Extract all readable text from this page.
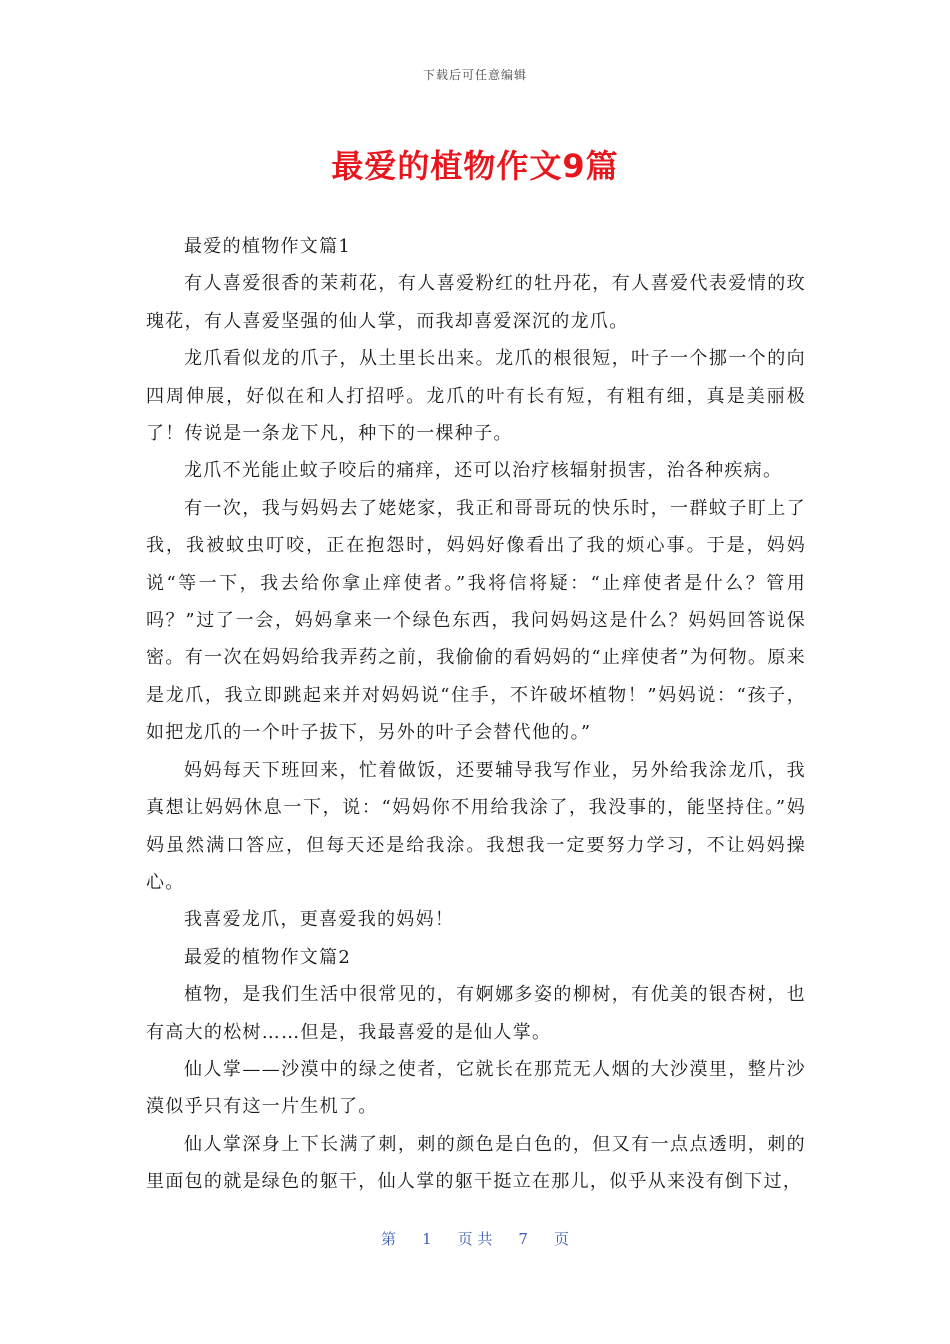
下载后可任意编辑
最爱的植物作文9篇

最爱的植物作文篇1

有人喜爱很香的茉莉花，有人喜爱粉红的牡丹花，有人喜爱代表爱情的玫瑰花，有人喜爱坚强的仙人掌，而我却喜爱深沉的龙爪。

龙爪看似龙的爪子，从土里长出来。龙爪的根很短，叶子一个挪一个的向四周伸展，好似在和人打招呼。龙爪的叶有长有短，有粗有细，真是美丽极了！传说是一条龙下凡，种下的一棵种子。

龙爪不光能止蚊子咬后的痛痒，还可以治疗核辐射损害，治各种疾病。

有一次，我与妈妈去了姥姥家，我正和哥哥玩的快乐时，一群蚊子盯上了我，我被蚊虫叮咬，正在抱怨时，妈妈好像看出了我的烦心事。于是，妈妈说“等一下，我去给你拿止痒使者。”我将信将疑：“止痒使者是什么？管用吗？”过了一会，妈妈拿来一个绿色东西，我问妈妈这是什么？妈妈回答说保密。有一次在妈妈给我弄药之前，我偷偷的看妈妈的“止痒使者”为何物。原来是龙爪，我立即跳起来并对妈妈说“住手，不许破坏植物！”妈妈说：“孩子，如把龙爪的一个叶子拔下，另外的叶子会替代他的。”

妈妈每天下班回来，忙着做饭，还要辅导我写作业，另外给我涂龙爪，我真想让妈妈休息一下，说：“妈妈你不用给我涂了，我没事的，能坚持住。”妈妈虽然满口答应，但每天还是给我涂。我想我一定要努力学习，不让妈妈操心。

我喜爱龙爪，更喜爱我的妈妈！

最爱的植物作文篇2

植物，是我们生活中很常见的，有婀娜多姿的柳树，有优美的银杏树，也有高大的松树……但是，我最喜爱的是仙人掌。

仙人掌——沙漠中的绿之使者，它就长在那荒无人烟的大沙漠里，整片沙漠似乎只有这一片生机了。

仙人掌深身上下长满了刺，刺的颜色是白色的，但又有一点点透明，刺的里面包的就是绿色的躯干，仙人掌的躯干挺立在那儿，似乎从来没有倒下过，

第 1 页 共 7 页
